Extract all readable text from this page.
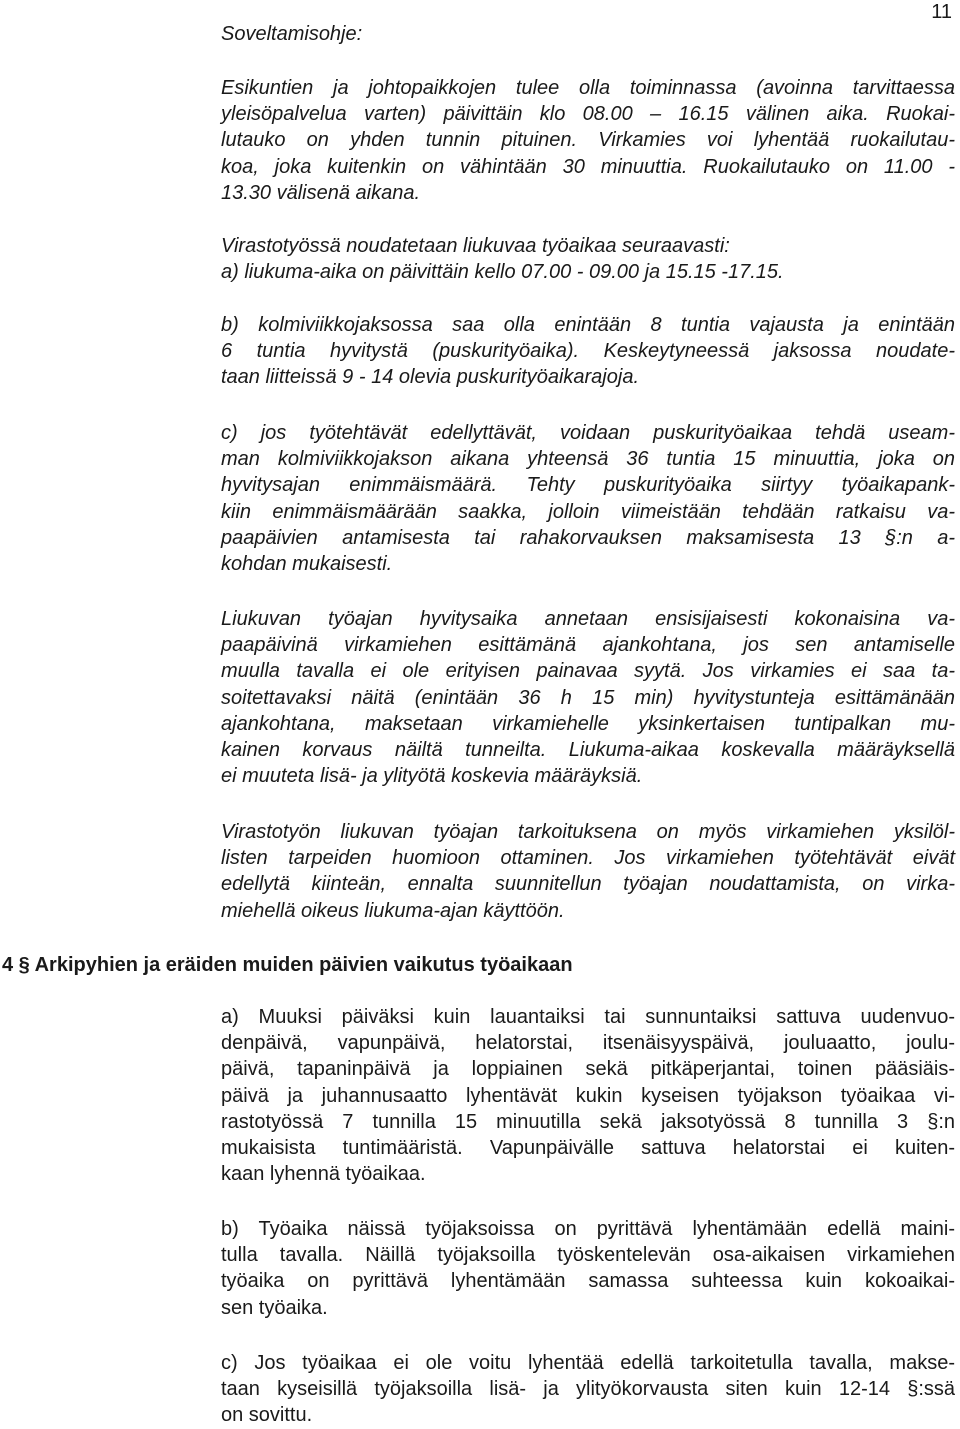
11
Soveltamisohje:
Esikuntien ja johtopaikkojen tulee olla toiminnassa (avoinna tarvittaessa
yleisöpalvelua varten) päivittäin klo 08.00 – 16.15 välinen aika. Ruokai-
lutauko on yhden tunnin pituinen. Virkamies voi lyhentää ruokailutau-
koa, joka kuitenkin on vähintään 30 minuuttia. Ruokailutauko on 11.00 -
13.30 välisenä aikana.
Virastotyössä noudatetaan liukuvaa työaikaa seuraavasti:
a) liukuma-aika on päivittäin kello 07.00 - 09.00 ja 15.15 -17.15.
b) kolmiviikkojaksossa saa olla enintään 8 tuntia vajausta ja enintään
6 tuntia hyvitystä (puskurityöaika). Keskeytyneessä jaksossa noudate-
taan liitteissä 9 - 14 olevia puskurityöaikarajoja.
c) jos työtehtävät edellyttävät, voidaan puskurityöaikaa tehdä useam-
man kolmiviikkojakson aikana yhteensä 36 tuntia 15 minuuttia, joka on
hyvitysajan enimmäismäärä. Tehty puskurityöaika siirtyy työaikapank-
kiin enimmäismäärään saakka, jolloin viimeistään tehdään ratkaisu va-
paapäivien antamisesta tai rahakorvauksen maksamisesta 13 §:n a-
kohdan mukaisesti.
Liukuvan työajan hyvitysaika annetaan ensisijaisesti kokonaisina va-
paapäivinä virkamiehen esittämänä ajankohtana, jos sen antamiselle
muulla tavalla ei ole erityisen painavaa syytä. Jos virkamies ei saa ta-
soitettavaksi näitä (enintään 36 h 15 min) hyvitystunteja esittämänään
ajankohtana, maksetaan virkamiehelle yksinkertaisen tuntipalkan mu-
kainen korvaus näiltä tunneilta. Liukuma-aikaa koskevalla määräyksellä
ei muuteta lisä- ja ylityötä koskevia määräyksiä.
Virastotyön liukuvan työajan tarkoituksena on myös virkamiehen yksilöl-
listen tarpeiden huomioon ottaminen. Jos virkamiehen työtehtävät eivät
edellytä kiinteän, ennalta suunnitellun työajan noudattamista, on virka-
miehellä oikeus liukuma-ajan käyttöön.
4 § Arkipyhien ja eräiden muiden päivien vaikutus työaikaan
a) Muuksi päiväksi kuin lauantaiksi tai sunnuntaiksi sattuva uudenvuo-
denpäivä, vapunpäivä, helatorstai, itsenäisyyspäivä, jouluaatto, joulu-
päivä, tapaninpäivä ja loppiainen sekä pitkäperjantai, toinen pääsiäis-
päivä ja juhannusaatto lyhentävät kukin kyseisen työjakson työaikaa vi-
rastotyössä 7 tunnilla 15 minuutilla sekä jaksotyössä 8 tunnilla 3 §:n
mukaisista tuntimääristä. Vapunpäivälle sattuva helatorstai ei kuiten-
kaan lyhennä työaikaa.
b) Työaika näissä työjaksoissa on pyrittävä lyhentämään edellä maini-
tulla tavalla. Näillä työjaksoilla työskentelevän osa-aikaisen virkamiehen
työaika on pyrittävä lyhentämään samassa suhteessa kuin kokoaikai-
sen työaika.
c) Jos työaikaa ei ole voitu lyhentää edellä tarkoitetulla tavalla, makse-
taan kyseisillä työjaksoilla lisä- ja ylityökorvausta siten kuin 12-14 §:ssä
on sovittu.
